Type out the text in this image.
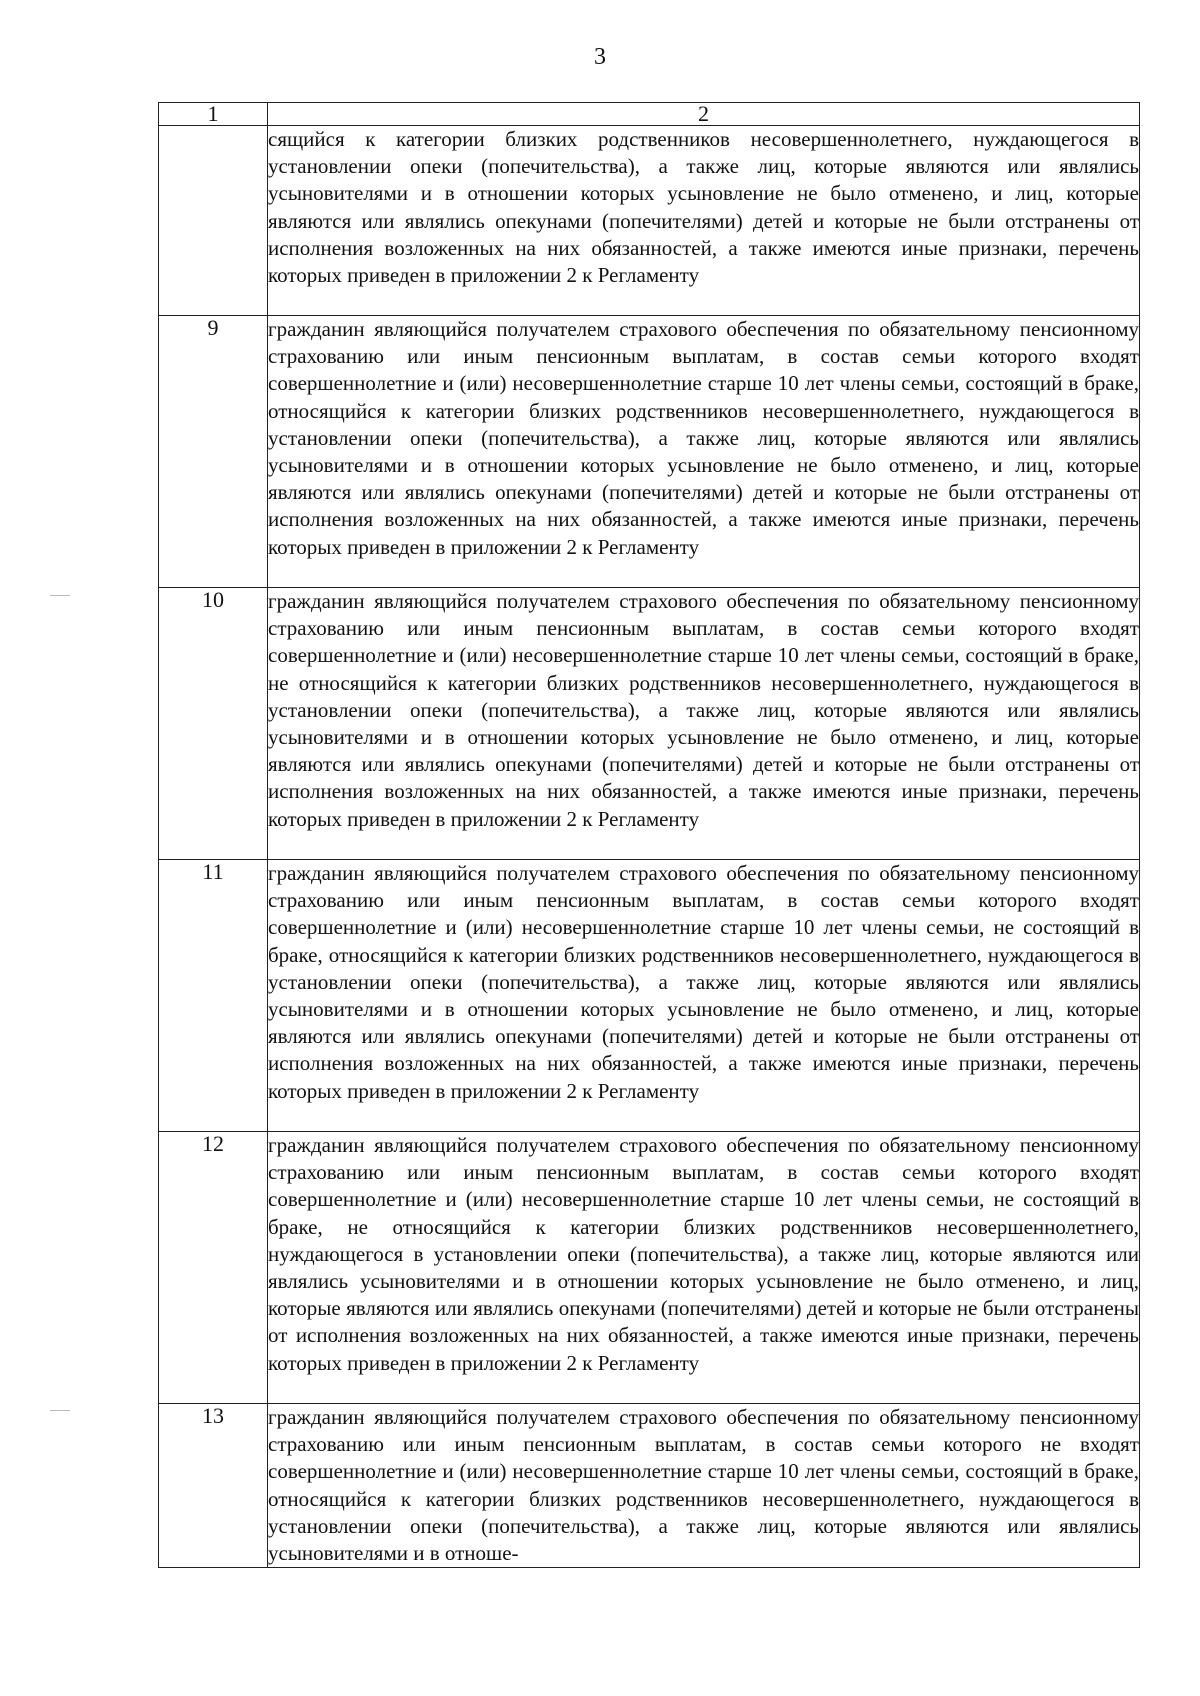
3
1	2
	сящийся к категории близких родственников несовершеннолетнего, нуждающегося в установлении опеки (попечительства), а также лиц, которые являются или являлись усыновителями и в отношении которых усыновление не было отменено, и лиц, которые являются или являлись опекунами (попечителями) детей и которые не были отстранены от исполнения возложенных на них обязанностей, а также имеются иные признаки, перечень которых приведен в приложении 2 к Регламенту
9	гражданин являющийся получателем страхового обеспечения по обязательному пенсионному страхованию или иным пенсионным выплатам, в состав семьи которого входят совершеннолетние и (или) несовершеннолетние старше 10 лет члены семьи, состоящий в браке, относящийся к категории близких родственников несовершеннолетнего, нуждающегося в установлении опеки (попечительства), а также лиц, которые являются или являлись усыновителями и в отношении которых усыновление не было отменено, и лиц, которые являются или являлись опекунами (попечителями) детей и которые не были отстранены от исполнения возложенных на них обязанностей, а также имеются иные признаки, перечень которых приведен в приложении 2 к Регламенту
10	гражданин являющийся получателем страхового обеспечения по обязательному пенсионному страхованию или иным пенсионным выплатам, в состав семьи которого входят совершеннолетние и (или) несовершеннолетние старше 10 лет члены семьи, состоящий в браке, не относящийся к категории близких родственников несовершеннолетнего, нуждающегося в установлении опеки (попечительства), а также лиц, которые являются или являлись усыновителями и в отношении которых усыновление не было отменено, и лиц, которые являются или являлись опекунами (попечителями) детей и которые не были отстранены от исполнения возложенных на них обязанностей, а также имеются иные признаки, перечень которых приведен в приложении 2 к Регламенту
11	гражданин являющийся получателем страхового обеспечения по обязательному пенсионному страхованию или иным пенсионным выплатам, в состав семьи которого входят совершеннолетние и (или) несовершеннолетние старше 10 лет члены семьи, не состоящий в браке, относящийся к категории близких родственников несовершеннолетнего, нуждающегося в установлении опеки (попечительства), а также лиц, которые являются или являлись усыновителями и в отношении которых усыновление не было отменено, и лиц, которые являются или являлись опекунами (попечителями) детей и которые не были отстранены от исполнения возложенных на них обязанностей, а также имеются иные признаки, перечень которых приведен в приложении 2 к Регламенту
12	гражданин являющийся получателем страхового обеспечения по обязательному пенсионному страхованию или иным пенсионным выплатам, в состав семьи которого входят совершеннолетние и (или) несовершеннолетние старше 10 лет члены семьи, не состоящий в браке, не относящийся к категории близких родственников несовершеннолетнего, нуждающегося в установлении опеки (попечительства), а также лиц, которые являются или являлись усыновителями и в отношении которых усыновление не было отменено, и лиц, которые являются или являлись опекунами (попечителями) детей и которые не были отстранены от исполнения возложенных на них обязанностей, а также имеются иные признаки, перечень которых приведен в приложении 2 к Регламенту
13	гражданин являющийся получателем страхового обеспечения по обязательному пенсионному страхованию или иным пенсионным выплатам, в состав семьи которого не входят совершеннолетние и (или) несовершеннолетние старше 10 лет члены семьи, состоящий в браке, относящийся к категории близких родственников несовершеннолетнего, нуждающегося в установлении опеки (попечительства), а также лиц, которые являются или являлись усыновителями и в отноше-
